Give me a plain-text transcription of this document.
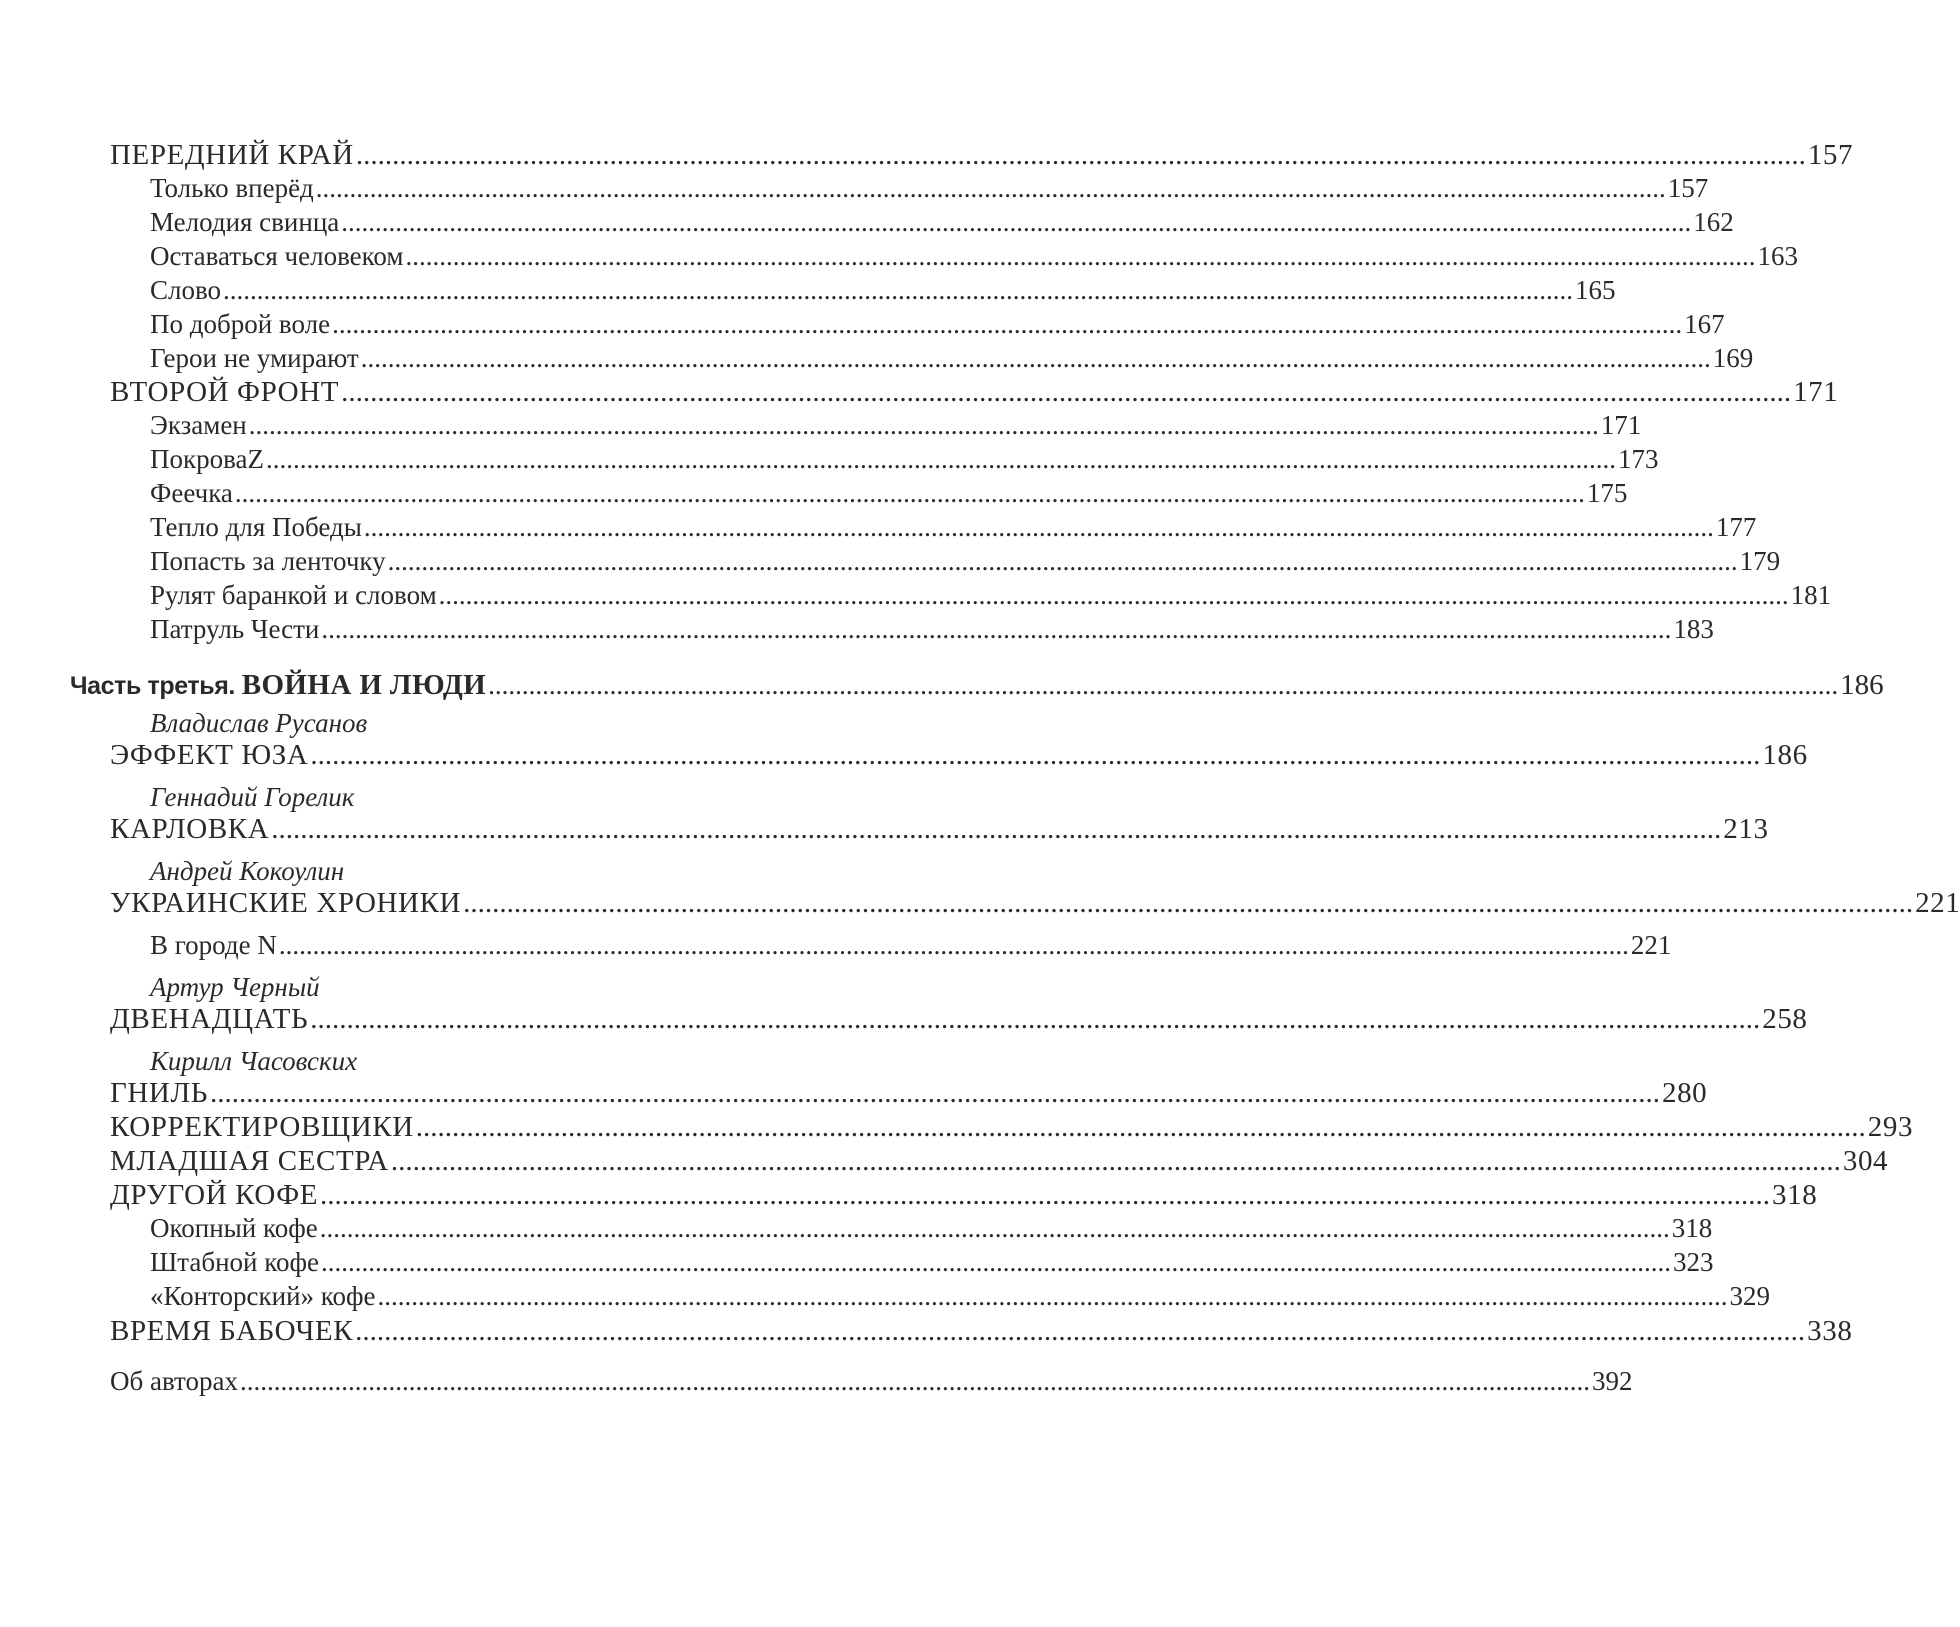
ПЕРЕДНИЙ КРАЙ ........................................................................................................................................................................................................ 157
Только вперёд ........................................................................................................................................................................................................ 157
Мелодия свинца ........................................................................................................................................................................................................ 162
Оставаться человеком ........................................................................................................................................................................................................ 163
Слово ........................................................................................................................................................................................................ 165
По доброй воле ........................................................................................................................................................................................................ 167
Герои не умирают ........................................................................................................................................................................................................ 169
ВТОРОЙ ФРОНТ ........................................................................................................................................................................................................ 171
Экзамен ........................................................................................................................................................................................................ 171
ПокроваZ ........................................................................................................................................................................................................ 173
Феечка ........................................................................................................................................................................................................ 175
Тепло для Победы ........................................................................................................................................................................................................ 177
Попасть за ленточку ........................................................................................................................................................................................................ 179
Рулят баранкой и словом ........................................................................................................................................................................................................ 181
Патруль Чести ........................................................................................................................................................................................................ 183
Часть третья. ВОЙНА И ЛЮДИ ........................................................................................................................................................................................................ 186
Владислав Русанов
ЭФФЕКТ ЮЗА ........................................................................................................................................................................................................ 186
Геннадий Горелик
КАРЛОВКА ........................................................................................................................................................................................................ 213
Андрей Кокоулин
УКРАИНСКИЕ ХРОНИКИ ........................................................................................................................................................................................................ 221
В городе N ........................................................................................................................................................................................................ 221
Артур Черный
ДВЕНАДЦАТЬ ........................................................................................................................................................................................................ 258
Кирилл Часовских
ГНИЛЬ ........................................................................................................................................................................................................ 280
КОРРЕКТИРОВЩИКИ ........................................................................................................................................................................................................ 293
МЛАДШАЯ СЕСТРА ........................................................................................................................................................................................................ 304
ДРУГОЙ КОФЕ ........................................................................................................................................................................................................ 318
Окопный кофе ........................................................................................................................................................................................................ 318
Штабной кофе ........................................................................................................................................................................................................ 323
«Конторский» кофе ........................................................................................................................................................................................................ 329
ВРЕМЯ БАБОЧЕК ........................................................................................................................................................................................................ 338
Об авторах ........................................................................................................................................................................................................ 392
